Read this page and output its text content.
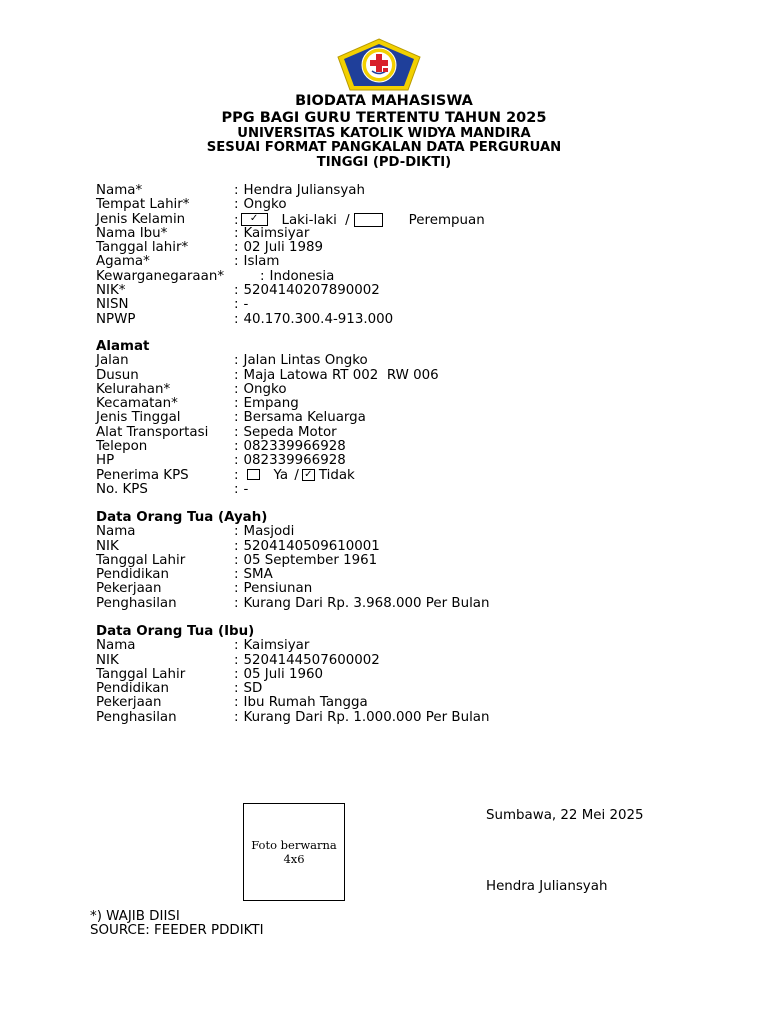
BIODATA MAHASISWA
PPG BAGI GURU TERTENTU TAHUN 2025
UNIVERSITAS KATOLIK WIDYA MANDIRA
SESUAI FORMAT PANGKALAN DATA PERGURUAN
TINGGI (PD-DIKTI)
Nama*	: Hendra Juliansyah
Tempat Lahir*	: Ongko
Jenis Kelamin	:	✓	Laki-laki /	Perempuan
Nama Ibu*	: Kaimsiyar
Tanggal lahir*	: 02 Juli 1989
Agama*	: Islam
Kewarganegaraan*	: Indonesia
NIK*	: 5204140207890002
NISN	: -
NPWP	: 40.170.300.4-913.000
Alamat
Jalan	: Jalan Lintas Ongko
Dusun	: Maja Latowa RT 002  RW 006
Kelurahan*	: Ongko
Kecamatan*	: Empang
Jenis Tinggal	: Bersama Keluarga
Alat Transportasi : Sepeda Motor
Telepon	: 082339966928
HP	: 082339966928
Penerima KPS	:	Ya / ✓ Tidak
No. KPS	: -
Data Orang Tua (Ayah)
Nama	: Masjodi
NIK	: 5204140509610001
Tanggal Lahir	: 05 September 1961
Pendidikan	: SMA
Pekerjaan	: Pensiunan
Penghasilan	: Kurang Dari Rp. 3.968.000 Per Bulan
Data Orang Tua (Ibu)
Nama	: Kaimsiyar
NIK	: 5204144507600002
Tanggal Lahir	: 05 Juli 1960
Pendidikan	: SD
Pekerjaan	: Ibu Rumah Tangga
Penghasilan	: Kurang Dari Rp. 1.000.000 Per Bulan
Foto berwarna
4x6
Sumbawa, 22 Mei 2025
Hendra Juliansyah
*) WAJIB DIISI
SOURCE: FEEDER PDDIKTI
